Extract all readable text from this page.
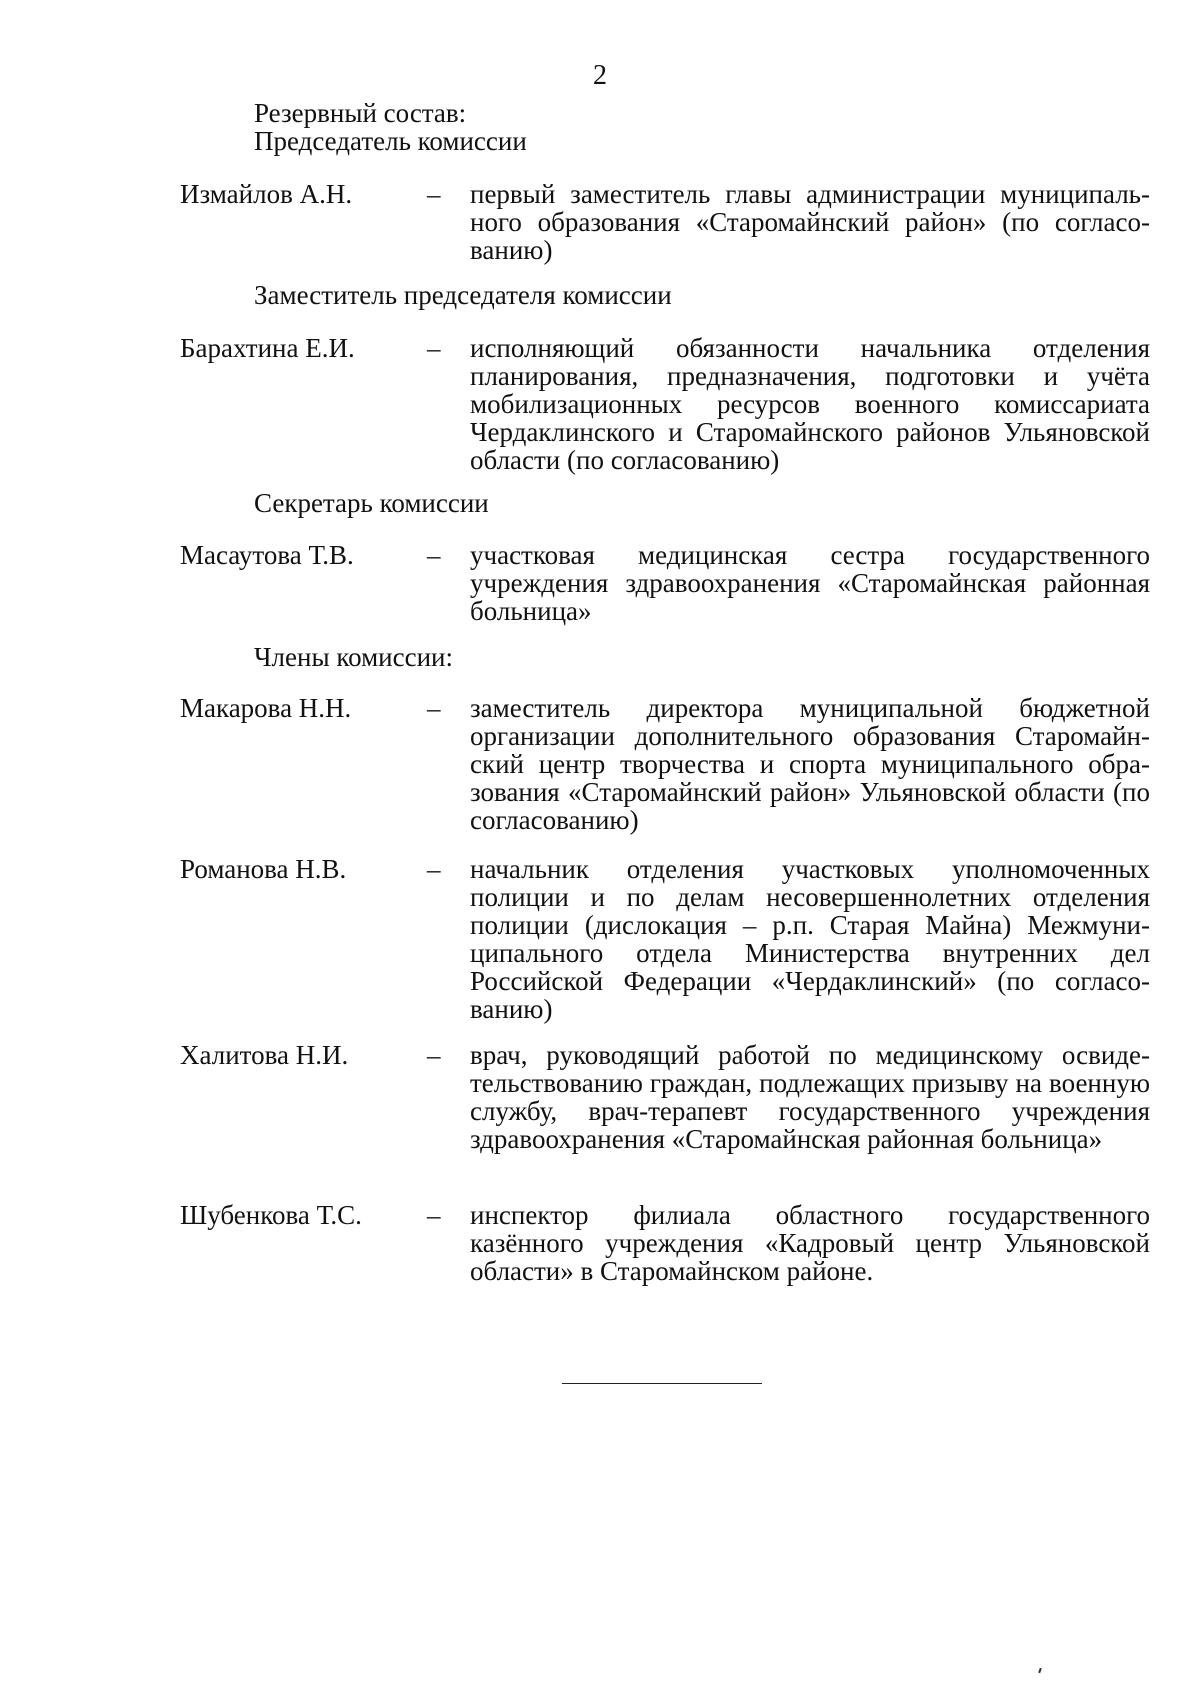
2
Резервный состав:
Председатель комиссии
Измайлов А.Н.	– первый заместитель главы администрации муниципального образования «Старомайнский район» (по согласованию)
Заместитель председателя комиссии
Барахтина Е.И.	– исполняющий обязанности начальника отделения планирования, предназначения, подготовки и учёта мобилизационных ресурсов военного комиссариата Чердаклинского и Старомайнского районов Ульяновской области (по согласованию)
Секретарь комиссии
Масаутова Т.В.	– участковая медицинская сестра государственного учреждения здравоохранения «Старомайнская районная больница»
Члены комиссии:
Макарова Н.Н.	– заместитель директора муниципальной бюджетной организации дополнительного образования Старомайнский центр творчества и спорта муниципального образования «Старомайнский район» Ульяновской области (по согласованию)
Романова Н.В.	– начальник отделения участковых уполномоченных полиции и по делам несовершеннолетних отделения полиции (дислокация – р.п. Старая Майна) Межмуниципального отдела Министерства внутренних дел Российской Федерации «Чердаклинский» (по согласованию)
Халитова Н.И.	– врач, руководящий работой по медицинскому освидетельствованию граждан, подлежащих призыву на военную службу, врач-терапевт государственного учреждения здравоохранения «Старомайнская районная больница»
Шубенкова Т.С. – инспектор филиала областного государственного казённого учреждения «Кадровый центр Ульяновской области» в Старомайнском районе.
